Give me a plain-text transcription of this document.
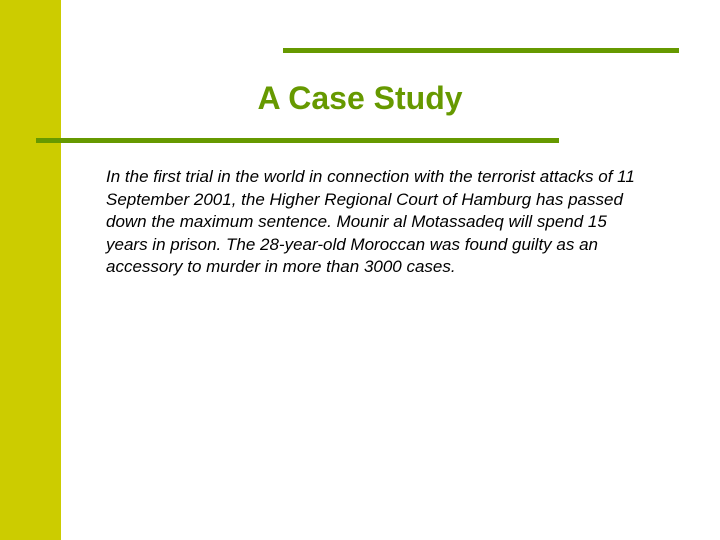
A Case Study

In the first trial in the world in connection with the terrorist attacks of 11
September 2001, the Higher Regional Court of Hamburg has passed
down the maximum sentence. Mounir al Motassadeq will spend 15
years in prison. The 28-year-old Moroccan was found guilty as an
accessory to murder in more than 3000 cases.
